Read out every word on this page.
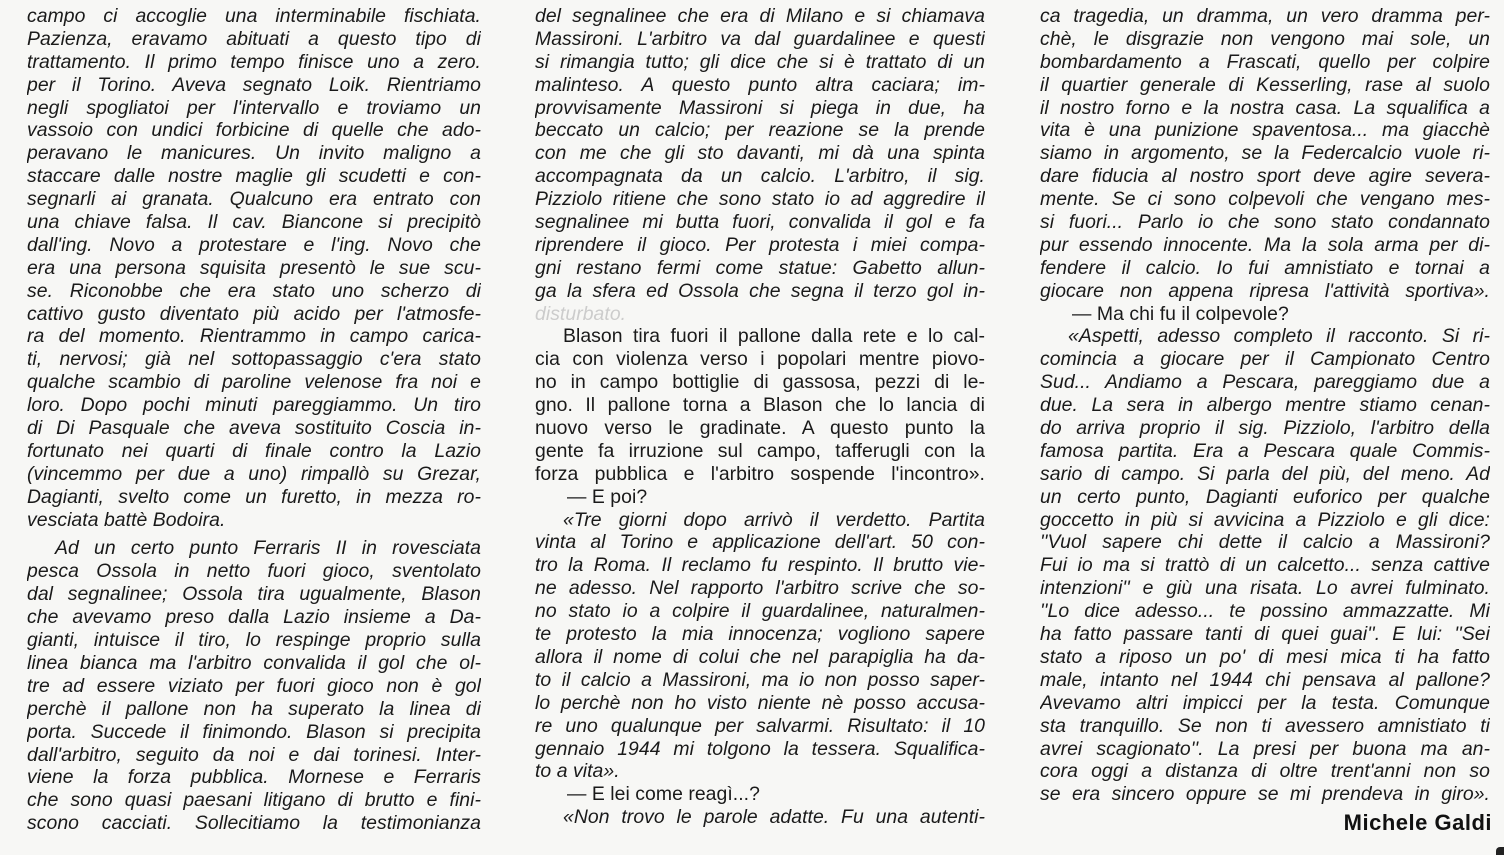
campo ci accoglie una interminabile fischiata.
Pazienza, eravamo abituati a questo tipo di
trattamento. Il primo tempo finisce uno a zero.
per il Torino. Aveva segnato Loik. Rientriamo
negli spogliatoi per l'intervallo e troviamo un
vassoio con undici forbicine di quelle che ado-
peravano le manicures. Un invito maligno a
staccare dalle nostre maglie gli scudetti e con-
segnarli ai granata. Qualcuno era entrato con
una chiave falsa. Il cav. Biancone si precipitò
dall'ing. Novo a protestare e l'ing. Novo che
era una persona squisita presentò le sue scu-
se. Riconobbe che era stato uno scherzo di
cattivo gusto diventato più acido per l'atmosfe-
ra del momento. Rientrammo in campo carica-
ti, nervosi; già nel sottopassaggio c'era stato
qualche scambio di paroline velenose fra noi e
loro. Dopo pochi minuti pareggiammo. Un tiro
di Di Pasquale che aveva sostituito Coscia in-
fortunato nei quarti di finale contro la Lazio
(vincemmo per due a uno) rimpallò su Grezar,
Dagianti, svelto come un furetto, in mezza ro-
vesciata battè Bodoira.
Ad un certo punto Ferraris II in rovesciata
pesca Ossola in netto fuori gioco, sventolato
dal segnalinee; Ossola tira ugualmente, Blason
che avevamo preso dalla Lazio insieme a Da-
gianti, intuisce il tiro, lo respinge proprio sulla
linea bianca ma l'arbitro convalida il gol che ol-
tre ad essere viziato per fuori gioco non è gol
perchè il pallone non ha superato la linea di
porta. Succede il finimondo. Blason si precipita
dall'arbitro, seguito da noi e dai torinesi. Inter-
viene la forza pubblica. Mornese e Ferraris
che sono quasi paesani litigano di brutto e fini-
scono cacciati. Sollecitiamo la testimonianza
del segnalinee che era di Milano e si chiamava
Massironi. L'arbitro va dal guardalinee e questi
si rimangia tutto; gli dice che si è trattato di un
malinteso. A questo punto altra caciara; im-
provvisamente Massironi si piega in due, ha
beccato un calcio; per reazione se la prende
con me che gli sto davanti, mi dà una spinta
accompagnata da un calcio. L'arbitro, il sig.
Pizziolo ritiene che sono stato io ad aggredire il
segnalinee mi butta fuori, convalida il gol e fa
riprendere il gioco. Per protesta i miei compa-
gni restano fermi come statue: Gabetto allun-
ga la sfera ed Ossola che segna il terzo gol in-
disturbato.
Blason tira fuori il pallone dalla rete e lo cal-
cia con violenza verso i popolari mentre piovo-
no in campo bottiglie di gassosa, pezzi di le-
gno. Il pallone torna a Blason che lo lancia di
nuovo verso le gradinate. A questo punto la
gente fa irruzione sul campo, tafferugli con la
forza pubblica e l'arbitro sospende l'incontro».
— E poi?
«Tre giorni dopo arrivò il verdetto. Partita
vinta al Torino e applicazione dell'art. 50 con-
tro la Roma. Il reclamo fu respinto. Il brutto vie-
ne adesso. Nel rapporto l'arbitro scrive che so-
no stato io a colpire il guardalinee, naturalmen-
te protesto la mia innocenza; vogliono sapere
allora il nome di colui che nel parapiglia ha da-
to il calcio a Massironi, ma io non posso saper-
lo perchè non ho visto niente nè posso accusa-
re uno qualunque per salvarmi. Risultato: il 10
gennaio 1944 mi tolgono la tessera. Squalifica-
to a vita».
— E lei come reagì...?
«Non trovo le parole adatte. Fu una autenti-
ca tragedia, un dramma, un vero dramma per-
chè, le disgrazie non vengono mai sole, un
bombardamento a Frascati, quello per colpire
il quartier generale di Kesserling, rase al suolo
il nostro forno e la nostra casa. La squalifica a
vita è una punizione spaventosa... ma giacchè
siamo in argomento, se la Federcalcio vuole ri-
dare fiducia al nostro sport deve agire severa-
mente. Se ci sono colpevoli che vengano mes-
si fuori... Parlo io che sono stato condannato
pur essendo innocente. Ma la sola arma per di-
fendere il calcio. Io fui amnistiato e tornai a
giocare non appena ripresa l'attività sportiva».
— Ma chi fu il colpevole?
«Aspetti, adesso completo il racconto. Si ri-
comincia a giocare per il Campionato Centro
Sud... Andiamo a Pescara, pareggiamo due a
due. La sera in albergo mentre stiamo cenan-
do arriva proprio il sig. Pizziolo, l'arbitro della
famosa partita. Era a Pescara quale Commis-
sario di campo. Si parla del più, del meno. Ad
un certo punto, Dagianti euforico per qualche
goccetto in più si avvicina a Pizziolo e gli dice:
''Vuol sapere chi dette il calcio a Massironi?
Fui io ma si trattò di un calcetto... senza cattive
intenzioni'' e giù una risata. Lo avrei fulminato.
''Lo dice adesso... te possino ammazzatte. Mi
ha fatto passare tanti di quei guai''. E lui: ''Sei
stato a riposo un po' di mesi mica ti ha fatto
male, intanto nel 1944 chi pensava al pallone?
Avevamo altri impicci per la testa. Comunque
sta tranquillo. Se non ti avessero amnistiato ti
avrei scagionato''. La presi per buona ma an-
cora oggi a distanza di oltre trent'anni non so
se era sincero oppure se mi prendeva in giro».
Michele Galdi
